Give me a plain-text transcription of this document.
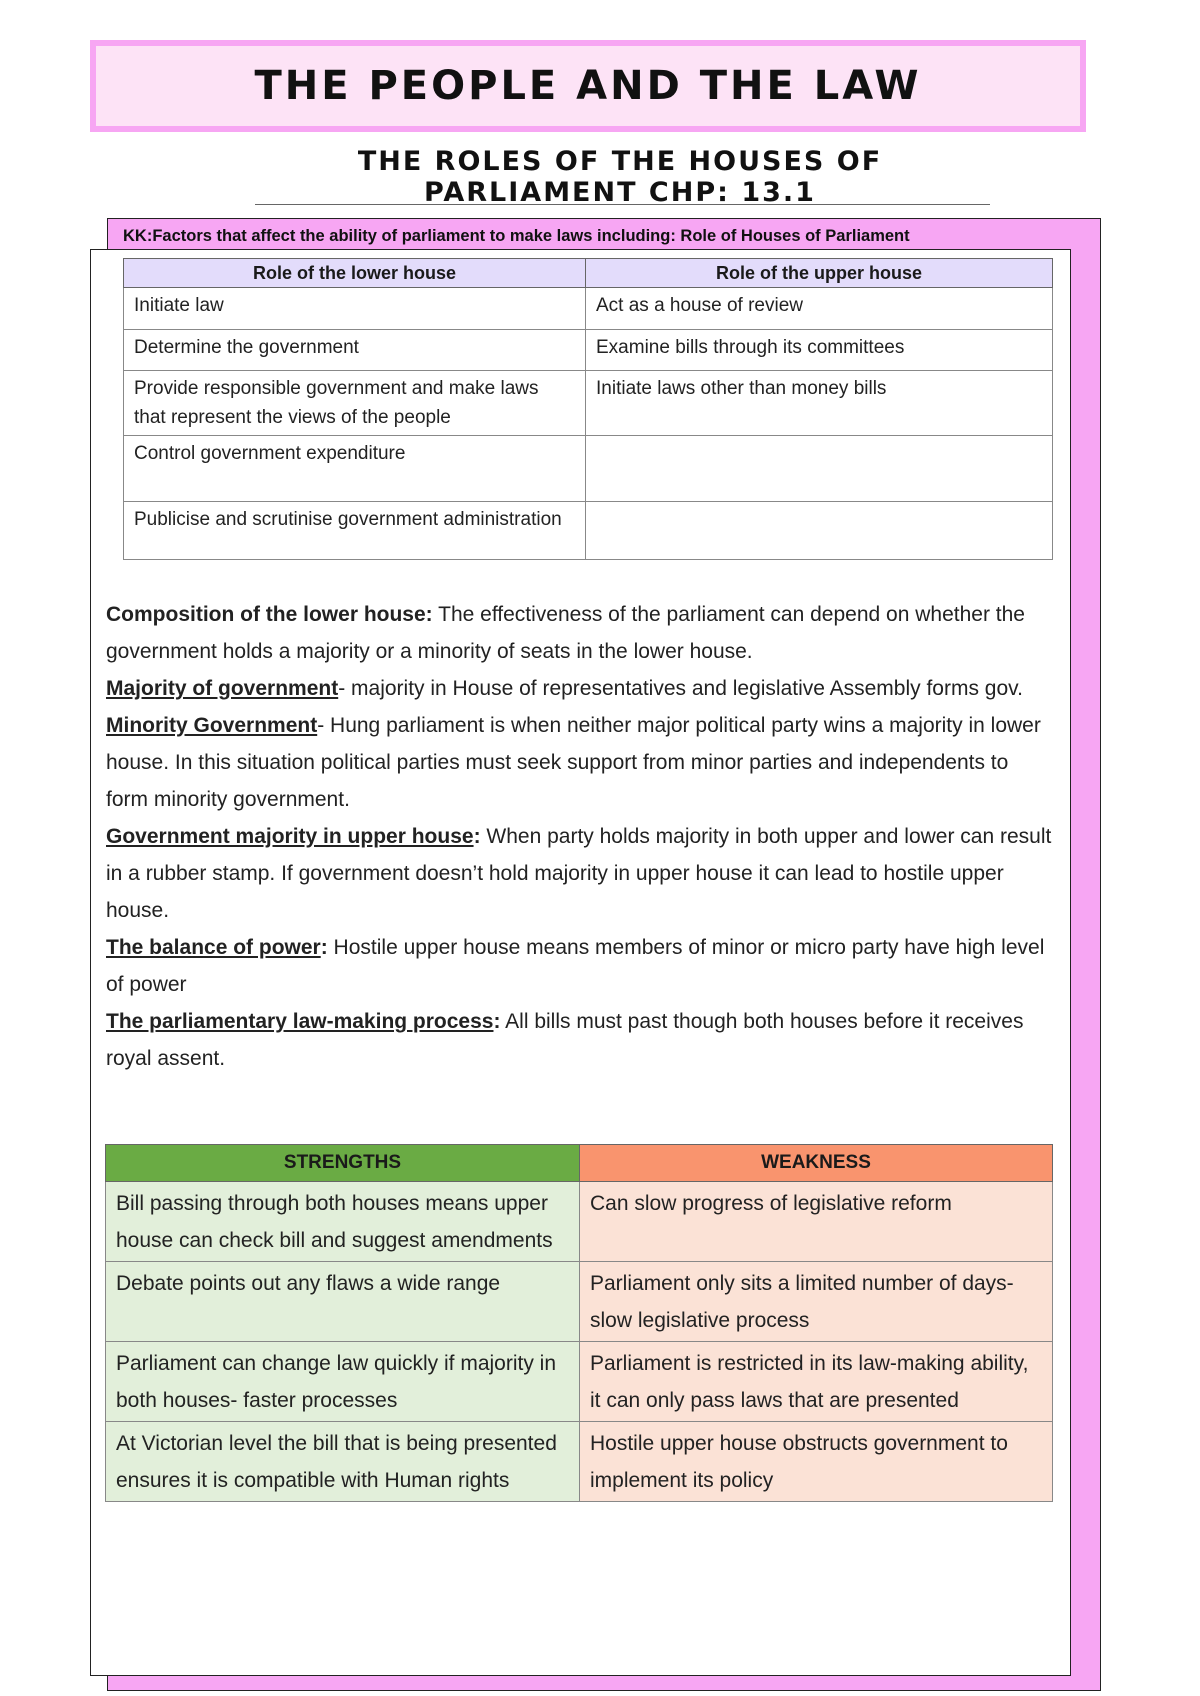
THE PEOPLE AND THE LAW
THE ROLES OF THE HOUSES OF PARLIAMENT CHP: 13.1
KK:Factors that affect the ability of parliament to make laws including: Role of Houses of Parliament
Role of the lower house	Role of the upper house
Initiate law	Act as a house of review
Determine the government	Examine bills through its committees
Provide responsible government and make laws that represent the views of the people	Initiate laws other than money bills
Control government expenditure	
Publicise and scrutinise government administration	

Composition of the lower house: The effectiveness of the parliament can depend on whether the government holds a majority or a minority of seats in the lower house.

Majority of government- majority in House of representatives and legislative Assembly forms gov.

Minority Government- Hung parliament is when neither major political party wins a majority in lower house. In this situation political parties must seek support from minor parties and independents to form minority government.

Government majority in upper house: When party holds majority in both upper and lower can result in a rubber stamp. If government doesn’t hold majority in upper house it can lead to hostile upper house.

The balance of power: Hostile upper house means members of minor or micro party have high level of power

The parliamentary law-making process: All bills must past though both houses before it receives royal assent.

STRENGTHS	WEAKNESS
Bill passing through both houses means upper house can check bill and suggest amendments	Can slow progress of legislative reform
Debate points out any flaws a wide range	Parliament only sits a limited number of days- slow legislative process
Parliament can change law quickly if majority in both houses- faster processes	Parliament is restricted in its law-making ability, it can only pass laws that are presented
At Victorian level the bill that is being presented ensures it is compatible with Human rights	Hostile upper house obstructs government to implement its policy
